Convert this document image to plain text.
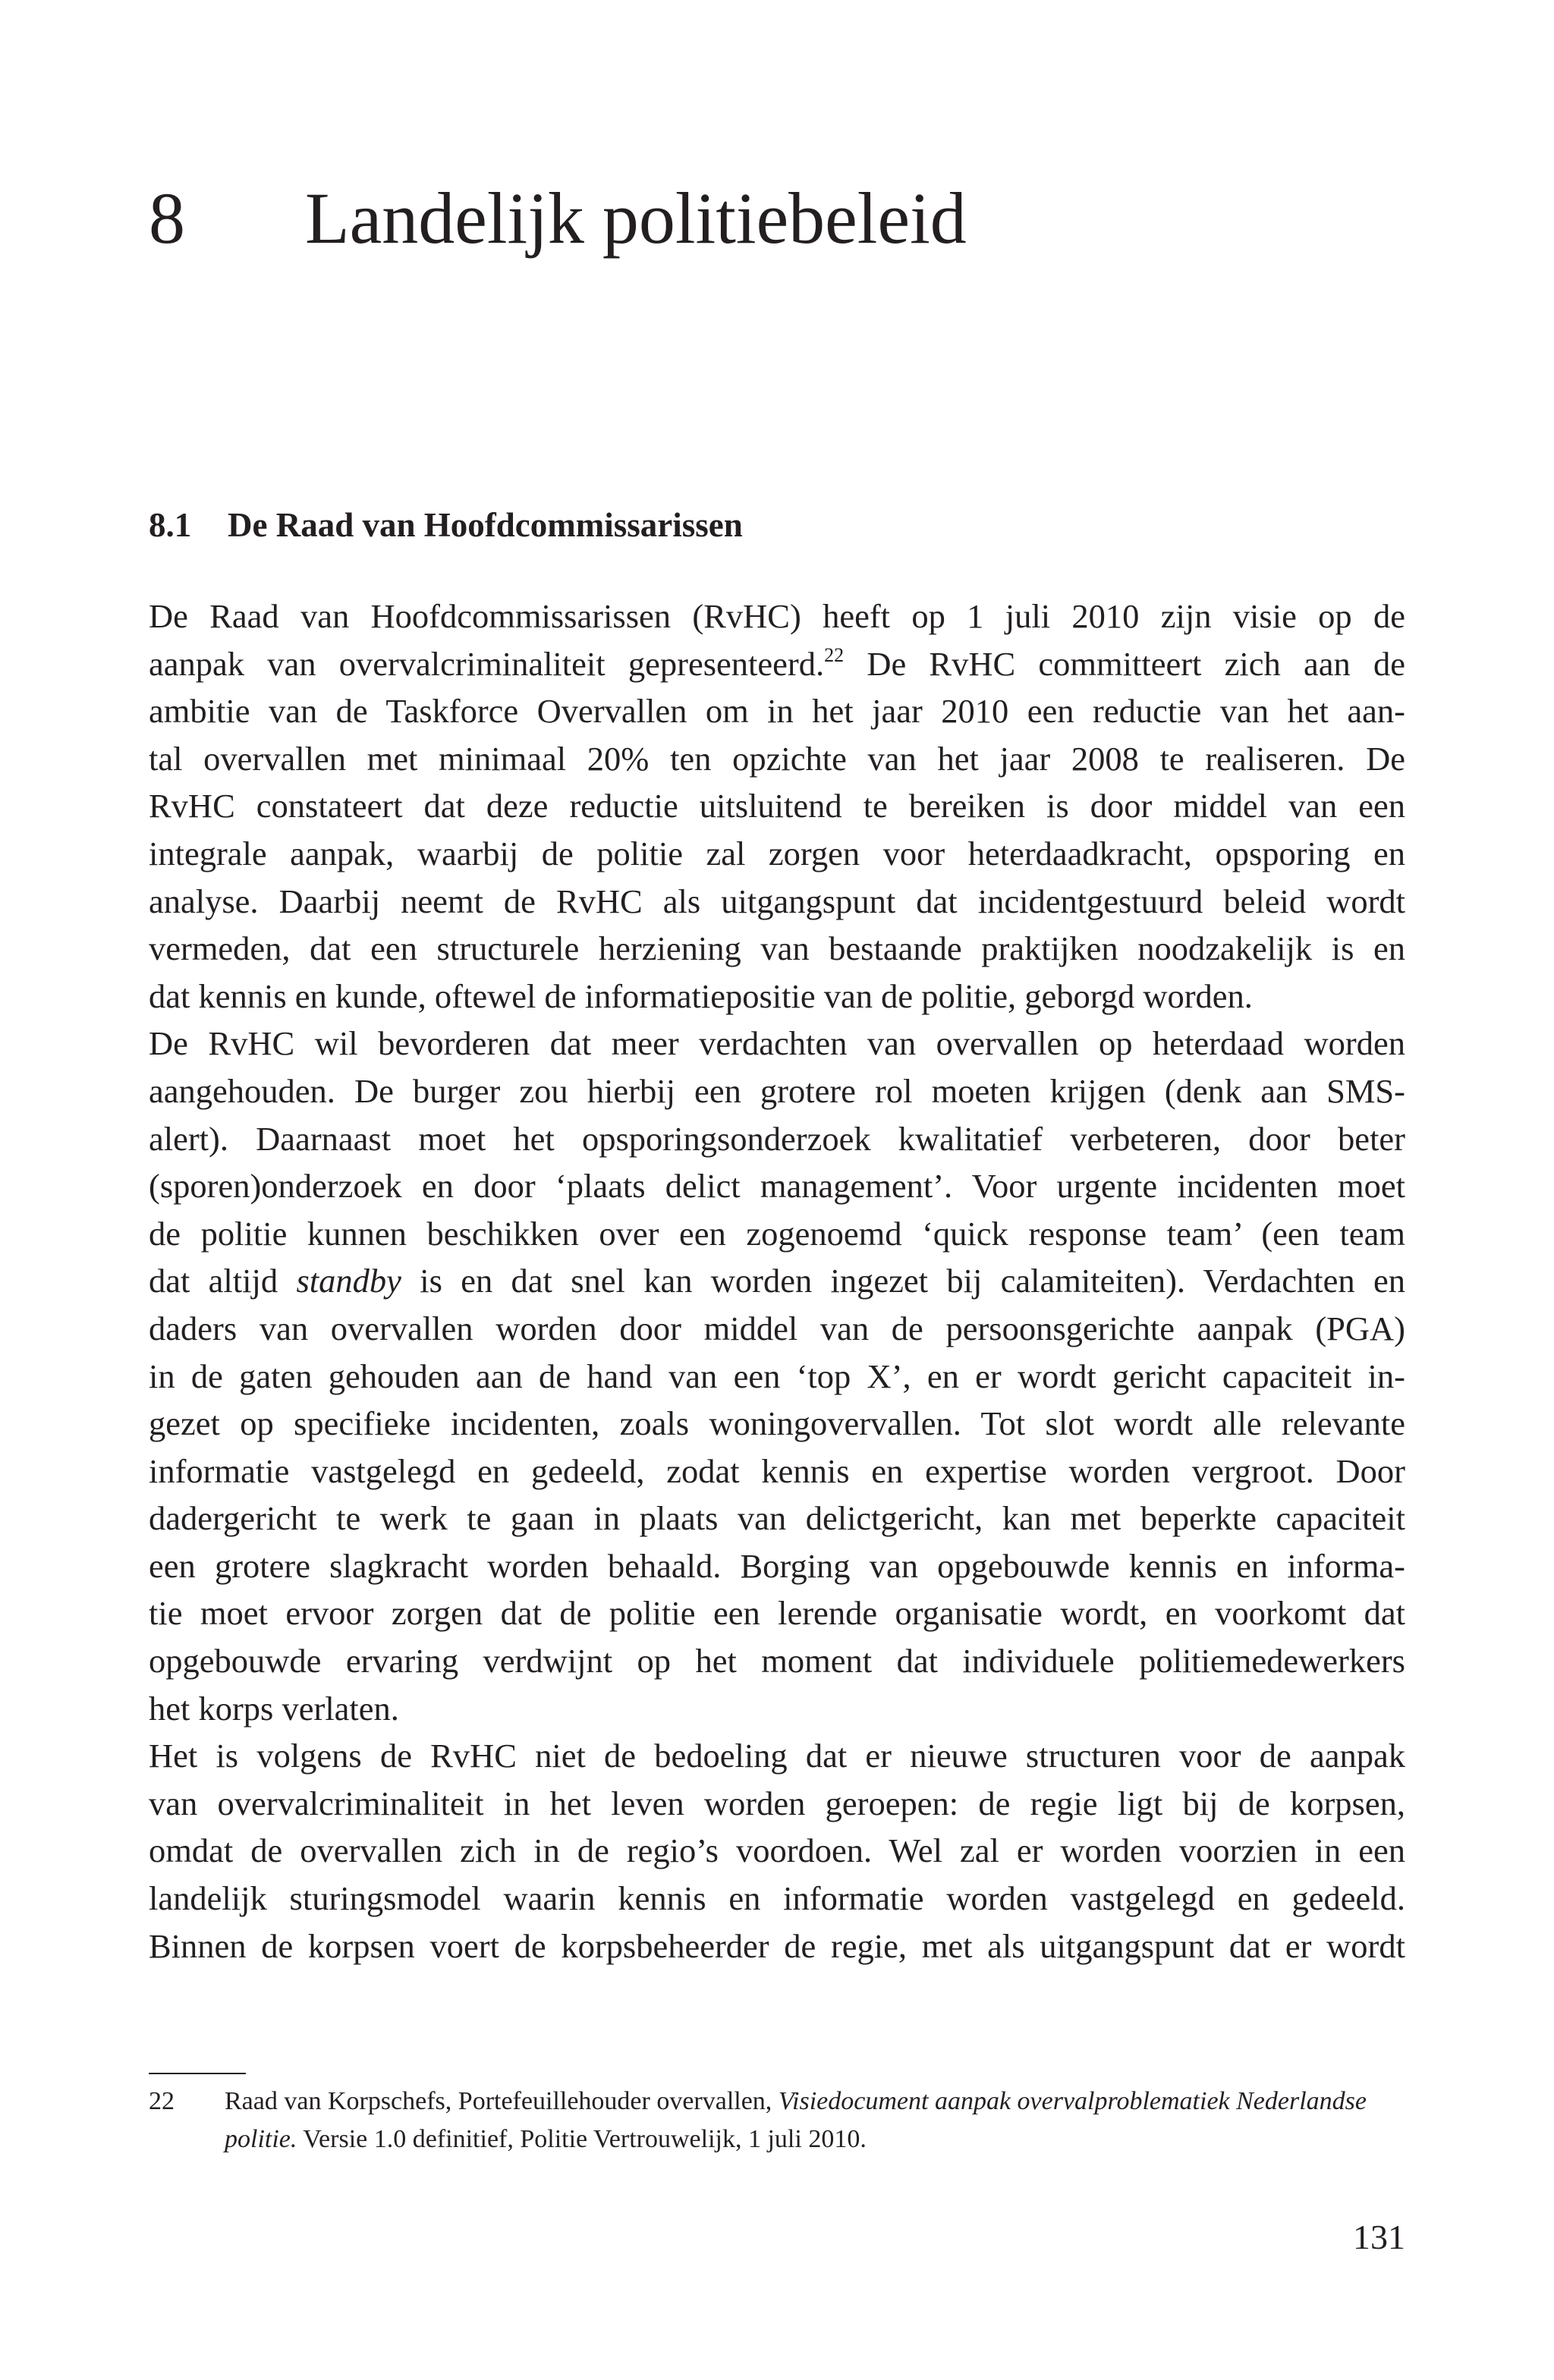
8 Landelijk politiebeleid
8.1 De Raad van Hoofdcommissarissen
De Raad van Hoofdcommissarissen (RvHC) heeft op 1 juli 2010 zijn visie op de
aanpak van overvalcriminaliteit gepresenteerd.$^{22}$ De RvHC committeert zich aan de
ambitie van de Taskforce Overvallen om in het jaar 2010 een reductie van het aan-
tal overvallen met minimaal 20% ten opzichte van het jaar 2008 te realiseren. De
RvHC constateert dat deze reductie uitsluitend te bereiken is door middel van een
integrale aanpak, waarbij de politie zal zorgen voor heterdaadkracht, opsporing en
analyse. Daarbij neemt de RvHC als uitgangspunt dat incidentgestuurd beleid wordt
vermeden, dat een structurele herziening van bestaande praktijken noodzakelijk is en
dat kennis en kunde, oftewel de informatiepositie van de politie, geborgd worden.
De RvHC wil bevorderen dat meer verdachten van overvallen op heterdaad worden
aangehouden. De burger zou hierbij een grotere rol moeten krijgen (denk aan SMS-
alert). Daarnaast moet het opsporingsonderzoek kwalitatief verbeteren, door beter
(sporen)onderzoek en door ‘plaats delict management’. Voor urgente incidenten moet
de politie kunnen beschikken over een zogenoemd ‘quick response team’ (een team
dat altijd standby is en dat snel kan worden ingezet bij calamiteiten). Verdachten en
daders van overvallen worden door middel van de persoonsgerichte aanpak (PGA)
in de gaten gehouden aan de hand van een ‘top X’, en er wordt gericht capaciteit in-
gezet op specifieke incidenten, zoals woningovervallen. Tot slot wordt alle relevante
informatie vastgelegd en gedeeld, zodat kennis en expertise worden vergroot. Door
dadergericht te werk te gaan in plaats van delictgericht, kan met beperkte capaciteit
een grotere slagkracht worden behaald. Borging van opgebouwde kennis en informa-
tie moet ervoor zorgen dat de politie een lerende organisatie wordt, en voorkomt dat
opgebouwde ervaring verdwijnt op het moment dat individuele politiemedewerkers
het korps verlaten.
Het is volgens de RvHC niet de bedoeling dat er nieuwe structuren voor de aanpak
van overvalcriminaliteit in het leven worden geroepen: de regie ligt bij de korpsen,
omdat de overvallen zich in de regio’s voordoen. Wel zal er worden voorzien in een
landelijk sturingsmodel waarin kennis en informatie worden vastgelegd en gedeeld.
Binnen de korpsen voert de korpsbeheerder de regie, met als uitgangspunt dat er wordt
22	Raad van Korpschefs, Portefeuillehouder overvallen, Visiedocument aanpak overvalproblematiek Nederlandse
politie. Versie 1.0 definitief, Politie Vertrouwelijk, 1 juli 2010.
131
